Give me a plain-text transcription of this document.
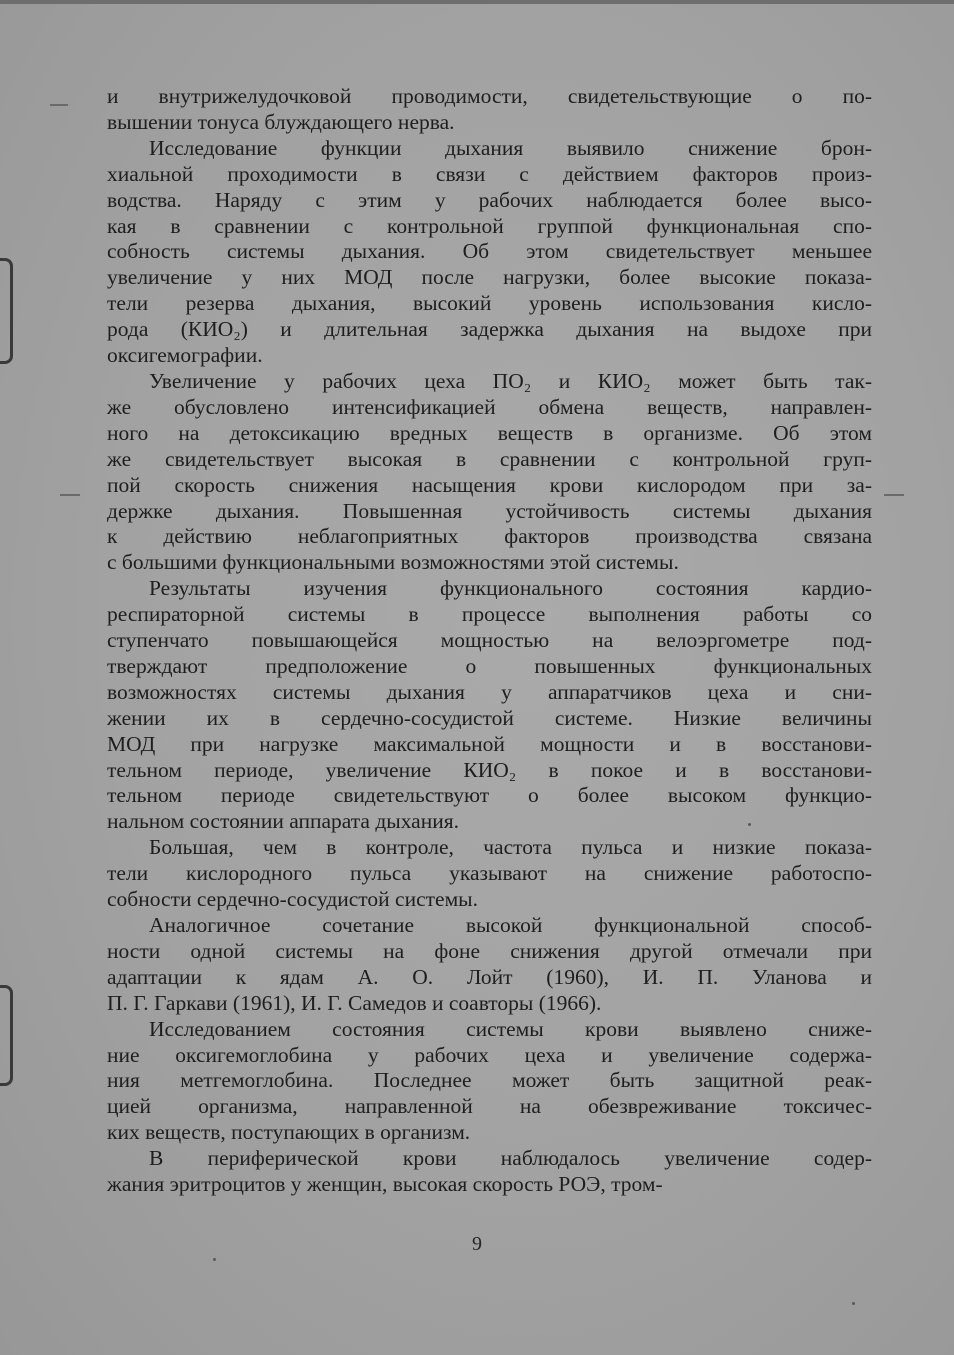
и внутрижелудочковой проводимости, свидетельствующие о по-
вышении тонуса блуждающего нерва.

Исследование функции дыхания выявило снижение брон-
хиальной проходимости в связи с действием факторов произ-
водства. Наряду с этим у рабочих наблюдается более высо-
кая в сравнении с контрольной группой функциональная спо-
собность системы дыхания. Об этом свидетельствует меньшее
увеличение у них МОД после нагрузки, более высокие показа-
тели резерва дыхания, высокий уровень использования кисло-
рода (КИО₂) и длительная задержка дыхания на выдохе при
оксигемографии.

Увеличение у рабочих цеха ПО₂ и КИО₂ может быть так-
же обусловлено интенсификацией обмена веществ, направлен-
ного на детоксикацию вредных веществ в организме. Об этом
же свидетельствует высокая в сравнении с контрольной груп-
пой скорость снижения насыщения крови кислородом при за-
держке дыхания. Повышенная устойчивость системы дыхания
к действию неблагоприятных факторов производства связана
с большими функциональными возможностями этой системы.

Результаты изучения функционального состояния кардио-
респираторной системы в процессе выполнения работы со
ступенчато повышающейся мощностью на велоэргометре под-
тверждают предположение о повышенных функциональных
возможностях системы дыхания у аппаратчиков цеха и сни-
жении их в сердечно-сосудистой системе. Низкие величины
МОД при нагрузке максимальной мощности и в восстанови-
тельном периоде, увеличение КИО₂ в покое и в восстанови-
тельном периоде свидетельствуют о более высоком функцио-
нальном состоянии аппарата дыхания.

Большая, чем в контроле, частота пульса и низкие показа-
тели кислородного пульса указывают на снижение работоспо-
собности сердечно-сосудистой системы.

Аналогичное сочетание высокой функциональной способ-
ности одной системы на фоне снижения другой отмечали при
адаптации к ядам А. О. Лойт (1960), И. П. Уланова и
П. Г. Гаркави (1961), И. Г. Самедов и соавторы (1966).

Исследованием состояния системы крови выявлено сниже-
ние оксигемоглобина у рабочих цеха и увеличение содержа-
ния метгемоглобина. Последнее может быть защитной реак-
цией организма, направленной на обезвреживание токсичес-
ких веществ, поступающих в организм.

В периферической крови наблюдалось увеличение содер-
жания эритроцитов у женщин, высокая скорость РОЭ, тром-

9
